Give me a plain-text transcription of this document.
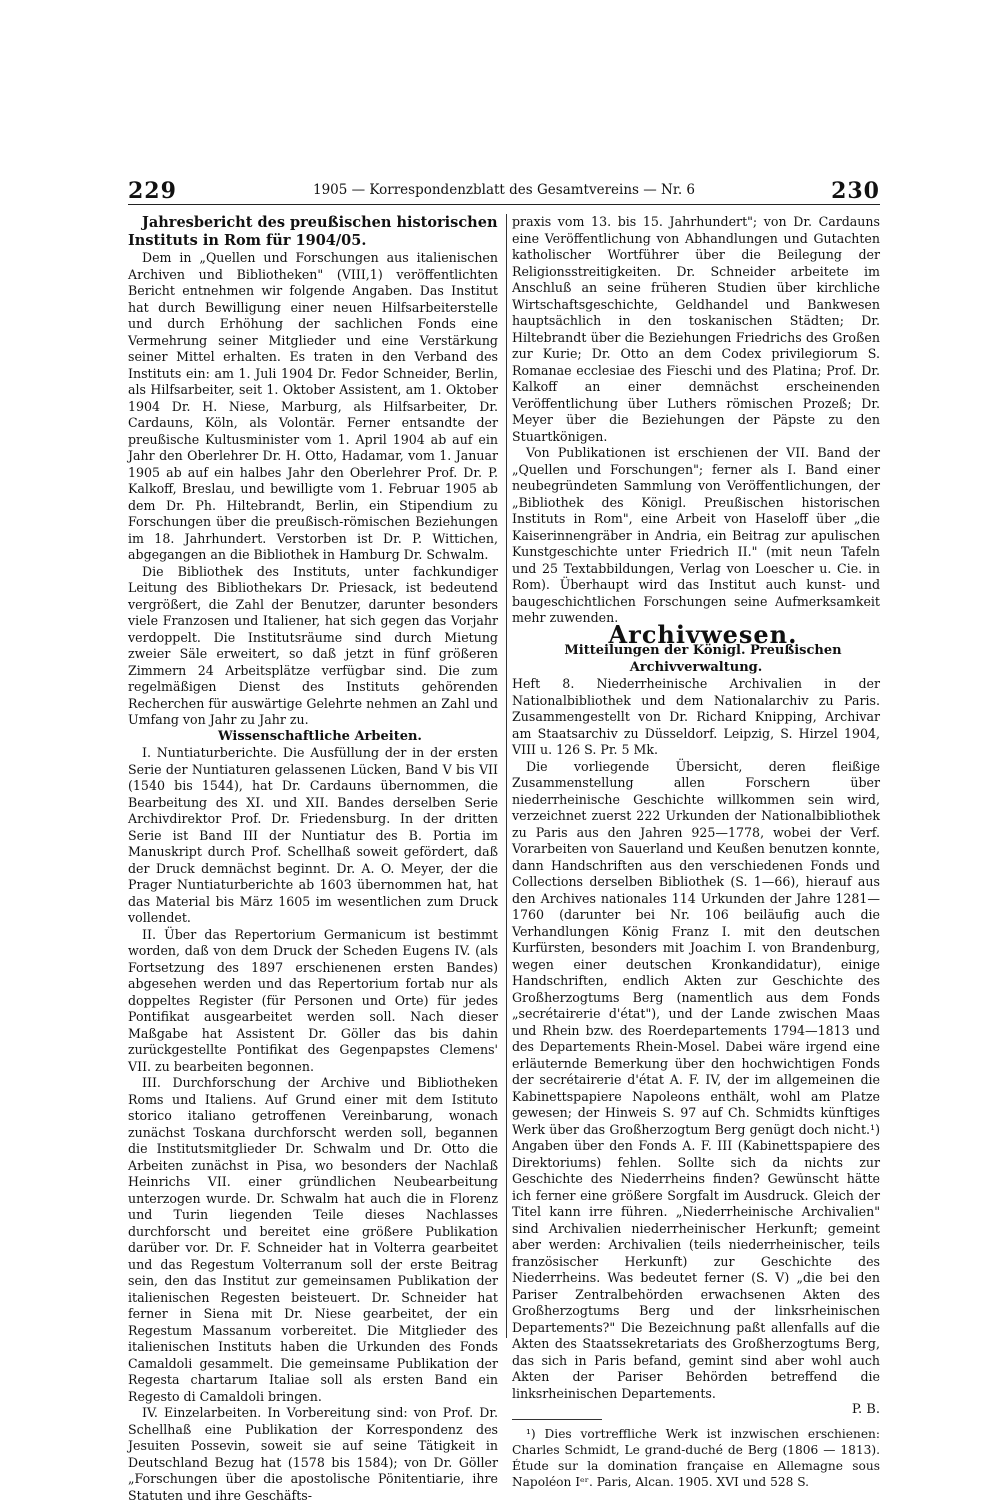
229	1905 — Korrespondenzblatt des Gesamtvereins — Nr. 6	230

Jahresbericht des preußischen historischen Instituts in Rom für 1904/05.

Dem in „Quellen und Forschungen aus italienischen Archiven und Bibliotheken" (VIII,1) veröffentlichten Bericht entnehmen wir folgende Angaben. Das Institut hat durch Bewilligung einer neuen Hilfsarbeiterstelle und durch Erhöhung der sachlichen Fonds eine Vermehrung seiner Mitglieder und eine Verstärkung seiner Mittel erhalten. Es traten in den Verband des Instituts ein: am 1. Juli 1904 Dr. Fedor Schneider, Berlin, als Hilfsarbeiter, seit 1. Oktober Assistent, am 1. Oktober 1904 Dr. H. Niese, Marburg, als Hilfsarbeiter, Dr. Cardauns, Köln, als Volontär. Ferner entsandte der preußische Kultusminister vom 1. April 1904 ab auf ein Jahr den Oberlehrer Dr. H. Otto, Hadamar, vom 1. Januar 1905 ab auf ein halbes Jahr den Oberlehrer Prof. Dr. P. Kalkoff, Breslau, und bewilligte vom 1. Februar 1905 ab dem Dr. Ph. Hiltebrandt, Berlin, ein Stipendium zu Forschungen über die preußisch-römischen Beziehungen im 18. Jahrhundert. Verstorben ist Dr. P. Wittichen, abgegangen an die Bibliothek in Hamburg Dr. Schwalm.

Die Bibliothek des Instituts, unter fachkundiger Leitung des Bibliothekars Dr. Priesack, ist bedeutend vergrößert, die Zahl der Benutzer, darunter besonders viele Franzosen und Italiener, hat sich gegen das Vorjahr verdoppelt. Die Institutsräume sind durch Mietung zweier Säle erweitert, so daß jetzt in fünf größeren Zimmern 24 Arbeitsplätze verfügbar sind. Die zum regelmäßigen Dienst des Instituts gehörenden Recherchen für auswärtige Gelehrte nehmen an Zahl und Umfang von Jahr zu Jahr zu.

Wissenschaftliche Arbeiten.

I. Nuntiaturberichte. Die Ausfüllung der in der ersten Serie der Nuntiaturen gelassenen Lücken, Band V bis VII (1540 bis 1544), hat Dr. Cardauns übernommen, die Bearbeitung des XI. und XII. Bandes derselben Serie Archivdirektor Prof. Dr. Friedensburg. In der dritten Serie ist Band III der Nuntiatur des B. Portia im Manuskript durch Prof. Schellhaß soweit gefördert, daß der Druck demnächst beginnt. Dr. A. O. Meyer, der die Prager Nuntiaturberichte ab 1603 übernommen hat, hat das Material bis März 1605 im wesentlichen zum Druck vollendet.

II. Über das Repertorium Germanicum ist bestimmt worden, daß von dem Druck der Scheden Eugens IV. (als Fortsetzung des 1897 erschienenen ersten Bandes) abgesehen werden und das Repertorium fortab nur als doppeltes Register (für Personen und Orte) für jedes Pontifikat ausgearbeitet werden soll. Nach dieser Maßgabe hat Assistent Dr. Göller das bis dahin zurückgestellte Pontifikat des Gegenpapstes Clemens' VII. zu bearbeiten begonnen.

III. Durchforschung der Archive und Bibliotheken Roms und Italiens. Auf Grund einer mit dem Istituto storico italiano getroffenen Vereinbarung, wonach zunächst Toskana durchforscht werden soll, begannen die Institutsmitglieder Dr. Schwalm und Dr. Otto die Arbeiten zunächst in Pisa, wo besonders der Nachlaß Heinrichs VII. einer gründlichen Neubearbeitung unterzogen wurde. Dr. Schwalm hat auch die in Florenz und Turin liegenden Teile dieses Nachlasses durchforscht und bereitet eine größere Publikation darüber vor. Dr. F. Schneider hat in Volterra gearbeitet und das Regestum Volterranum soll der erste Beitrag sein, den das Institut zur gemeinsamen Publikation der italienischen Regesten beisteuert. Dr. Schneider hat ferner in Siena mit Dr. Niese gearbeitet, der ein Regestum Massanum vorbereitet. Die Mitglieder des italienischen Instituts haben die Urkunden des Fonds Camaldoli gesammelt. Die gemeinsame Publikation der Regesta chartarum Italiae soll als ersten Band ein Regesto di Camaldoli bringen.

IV. Einzelarbeiten. In Vorbereitung sind: von Prof. Dr. Schellhaß eine Publikation der Korrespondenz des Jesuiten Possevin, soweit sie auf seine Tätigkeit in Deutschland Bezug hat (1578 bis 1584); von Dr. Göller „Forschungen über die apostolische Pönitentiarie, ihre Statuten und ihre Geschäfts-

praxis vom 13. bis 15. Jahrhundert"; von Dr. Cardauns eine Veröffentlichung von Abhandlungen und Gutachten katholischer Wortführer über die Beilegung der Religionsstreitigkeiten. Dr. Schneider arbeitete im Anschluß an seine früheren Studien über kirchliche Wirtschaftsgeschichte, Geldhandel und Bankwesen hauptsächlich in den toskanischen Städten; Dr. Hiltebrandt über die Beziehungen Friedrichs des Großen zur Kurie; Dr. Otto an dem Codex privilegiorum S. Romanae ecclesiae des Fieschi und des Platina; Prof. Dr. Kalkoff an einer demnächst erscheinenden Veröffentlichung über Luthers römischen Prozeß; Dr. Meyer über die Beziehungen der Päpste zu den Stuartkönigen.

Von Publikationen ist erschienen der VII. Band der „Quellen und Forschungen"; ferner als I. Band einer neubegründeten Sammlung von Veröffentlichungen, der „Bibliothek des Königl. Preußischen historischen Instituts in Rom", eine Arbeit von Haseloff über „die Kaiserinnengräber in Andria, ein Beitrag zur apulischen Kunstgeschichte unter Friedrich II." (mit neun Tafeln und 25 Textabbildungen, Verlag von Loescher u. Cie. in Rom). Überhaupt wird das Institut auch kunst- und baugeschichtlichen Forschungen seine Aufmerksamkeit mehr zuwenden.

Archivwesen.

Mitteilungen der Königl. Preußischen Archivverwaltung.

Heft 8. Niederrheinische Archivalien in der Nationalbibliothek und dem Nationalarchiv zu Paris. Zusammengestellt von Dr. Richard Knipping, Archivar am Staatsarchiv zu Düsseldorf. Leipzig, S. Hirzel 1904, VIII u. 126 S. Pr. 5 Mk.

Die vorliegende Übersicht, deren fleißige Zusammenstellung allen Forschern über niederrheinische Geschichte willkommen sein wird, verzeichnet zuerst 222 Urkunden der Nationalbibliothek zu Paris aus den Jahren 925—1778, wobei der Verf. Vorarbeiten von Sauerland und Keußen benutzen konnte, dann Handschriften aus den verschiedenen Fonds und Collections derselben Bibliothek (S. 1—66), hierauf aus den Archives nationales 114 Urkunden der Jahre 1281—1760 (darunter bei Nr. 106 beiläufig auch die Verhandlungen König Franz I. mit den deutschen Kurfürsten, besonders mit Joachim I. von Brandenburg, wegen einer deutschen Kronkandidatur), einige Handschriften, endlich Akten zur Geschichte des Großherzogtums Berg (namentlich aus dem Fonds „secrétairerie d'état"), und der Lande zwischen Maas und Rhein bzw. des Roerdepartements 1794—1813 und des Departements Rhein-Mosel. Dabei wäre irgend eine erläuternde Bemerkung über den hochwichtigen Fonds der secrétairerie d'état A. F. IV, der im allgemeinen die Kabinettspapiere Napoleons enthält, wohl am Platze gewesen; der Hinweis S. 97 auf Ch. Schmidts künftiges Werk über das Großherzogtum Berg genügt doch nicht.¹) Angaben über den Fonds A. F. III (Kabinettspapiere des Direktoriums) fehlen. Sollte sich da nichts zur Geschichte des Niederrheins finden? Gewünscht hätte ich ferner eine größere Sorgfalt im Ausdruck. Gleich der Titel kann irre führen. „Niederrheinische Archivalien" sind Archivalien niederrheinischer Herkunft; gemeint aber werden: Archivalien (teils niederrheinischer, teils französischer Herkunft) zur Geschichte des Niederrheins. Was bedeutet ferner (S. V) „die bei den Pariser Zentralbehörden erwachsenen Akten des Großherzogtums Berg und der linksrheinischen Departements?" Die Bezeichnung paßt allenfalls auf die Akten des Staatssekretariats des Großherzogtums Berg, das sich in Paris befand, gemint sind aber wohl auch Akten der Pariser Behörden betreffend die linksrheinischen Departements.

P. B.

¹) Dies vortreffliche Werk ist inzwischen erschienen: Charles Schmidt, Le grand-duché de Berg (1806 — 1813). Étude sur la domination française en Allemagne sous Napoléon Iᵉʳ. Paris, Alcan. 1905. XVI und 528 S.
